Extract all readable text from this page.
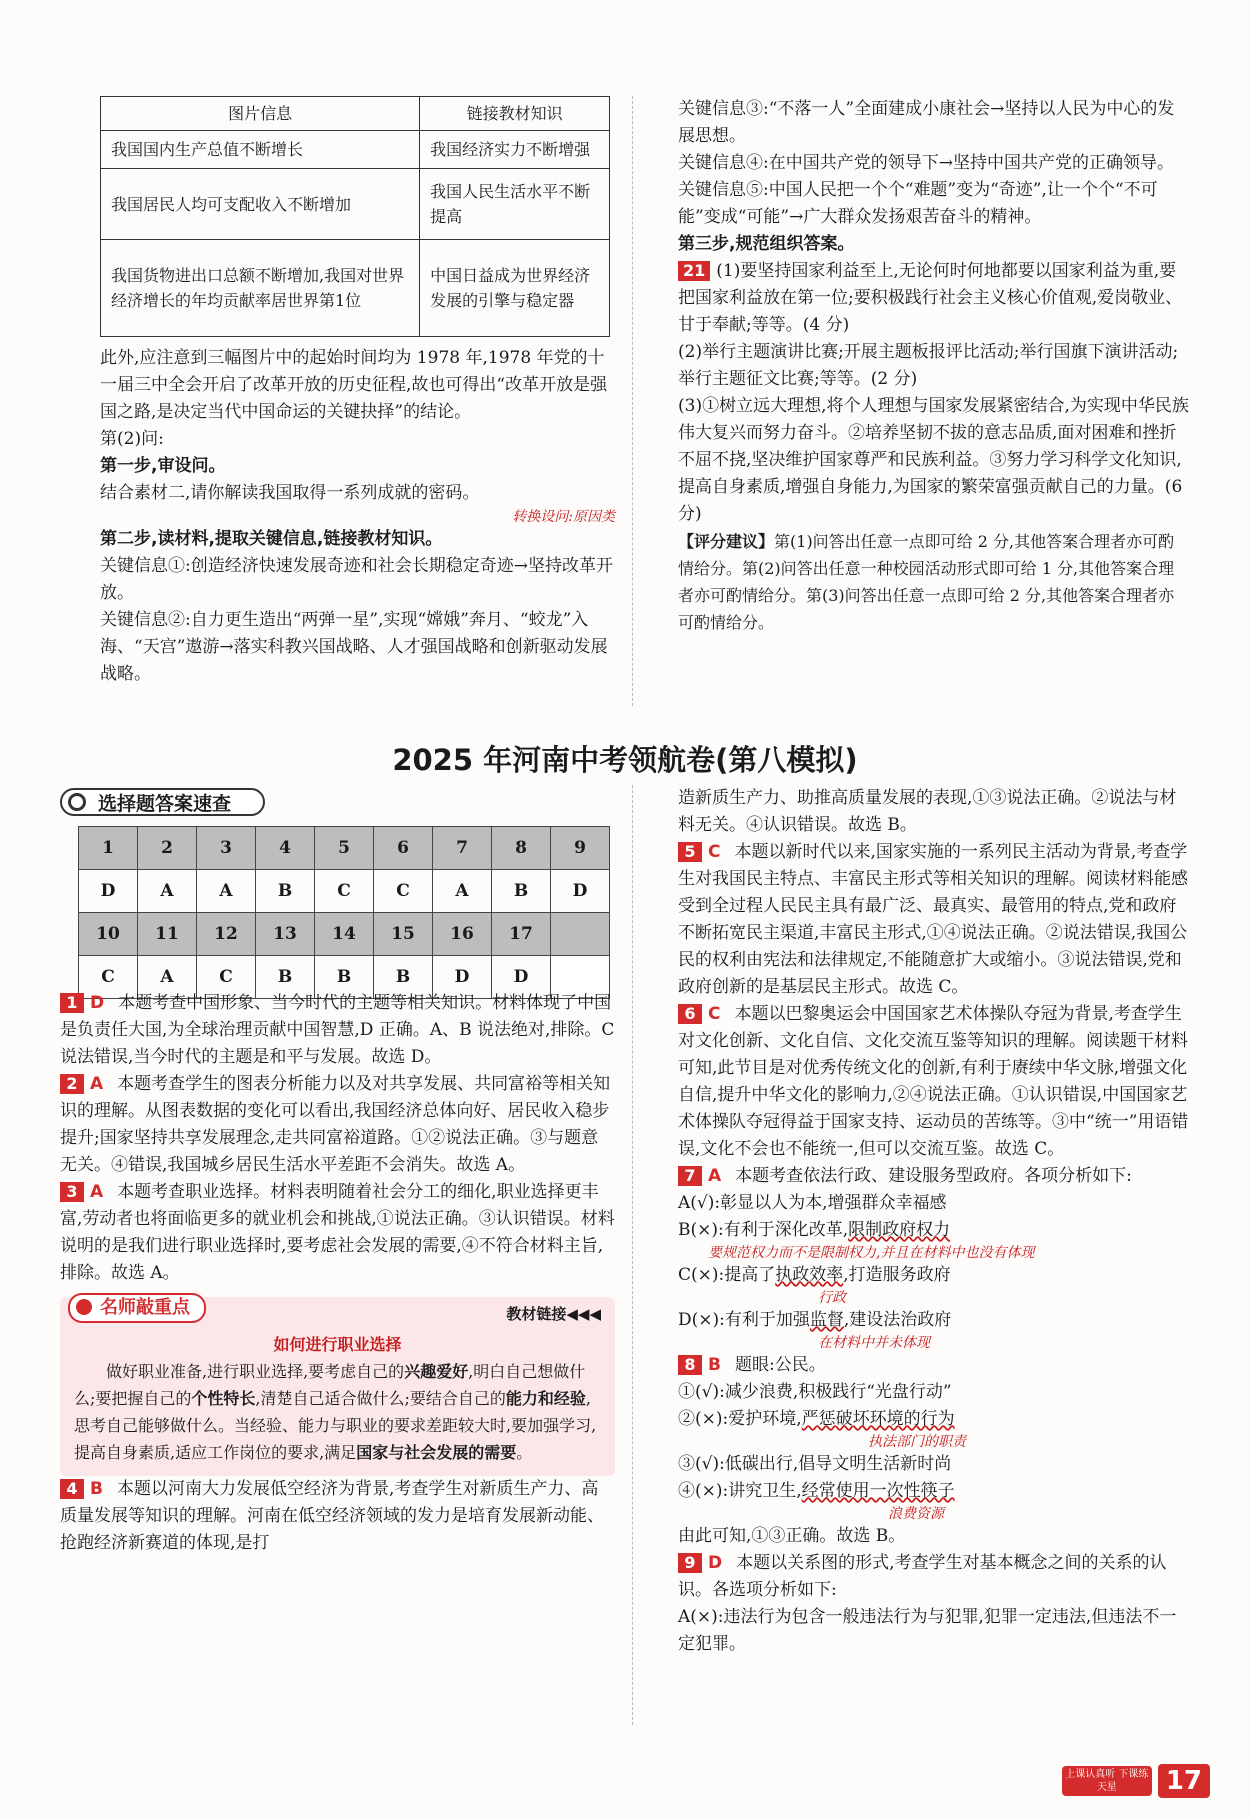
图片信息	链接教材知识
我国国内生产总值不断增长	我国经济实力不断增强
我国居民人均可支配收入不断增加	我国人民生活水平不断提高
我国货物进出口总额不断增加,我国对世界经济增长的年均贡献率居世界第1位	中国日益成为世界经济发展的引擎与稳定器

此外,应注意到三幅图片中的起始时间均为 1978 年,1978 年党的十一届三中全会开启了改革开放的历史征程,故也可得出“改革开放是强国之路,是决定当代中国命运的关键抉择”的结论。

第(2)问:

第一步,审设问。

结合素材二,请你解读我国取得一系列成就的密码。

转换设问:原因类

第二步,读材料,提取关键信息,链接教材知识。

关键信息①:创造经济快速发展奇迹和社会长期稳定奇迹→坚持改革开放。

关键信息②:自力更生造出“两弹一星”,实现“嫦娥”奔月、“蛟龙”入海、“天宫”遨游→落实科教兴国战略、人才强国战略和创新驱动发展战略。

关键信息③:“不落一人”全面建成小康社会→坚持以人民为中心的发展思想。

关键信息④:在中国共产党的领导下→坚持中国共产党的正确领导。

关键信息⑤:中国人民把一个个“难题”变为“奇迹”,让一个个“不可能”变成“可能”→广大群众发扬艰苦奋斗的精神。

第三步,规范组织答案。

21 (1)要坚持国家利益至上,无论何时何地都要以国家利益为重,要把国家利益放在第一位;要积极践行社会主义核心价值观,爱岗敬业、甘于奉献;等等。(4 分)

(2)举行主题演讲比赛;开展主题板报评比活动;举行国旗下演讲活动;举行主题征文比赛;等等。(2 分)

(3)①树立远大理想,将个人理想与国家发展紧密结合,为实现中华民族伟大复兴而努力奋斗。②培养坚韧不拔的意志品质,面对困难和挫折不屈不挠,坚决维护国家尊严和民族利益。③努力学习科学文化知识,提高自身素质,增强自身能力,为国家的繁荣富强贡献自己的力量。(6 分)

【评分建议】第(1)问答出任意一点即可给 2 分,其他答案合理者亦可酌情给分。第(2)问答出任意一种校园活动形式即可给 1 分,其他答案合理者亦可酌情给分。第(3)问答出任意一点即可给 2 分,其他答案合理者亦可酌情给分。

2025 年河南中考领航卷(第八模拟)
选择题答案速查
1	2	3	4	5	6	7	8	9
D	A	A	B	C	C	A	B	D
10	11	12	13	14	15	16	17	
C	A	C	B	B	B	D	D	

1 D 本题考查中国形象、当今时代的主题等相关知识。材料体现了中国是负责任大国,为全球治理贡献中国智慧,D 正确。A、B 说法绝对,排除。C 说法错误,当今时代的主题是和平与发展。故选 D。

2 A 本题考查学生的图表分析能力以及对共享发展、共同富裕等相关知识的理解。从图表数据的变化可以看出,我国经济总体向好、居民收入稳步提升;国家坚持共享发展理念,走共同富裕道路。①②说法正确。③与题意无关。④错误,我国城乡居民生活水平差距不会消失。故选 A。

3 A 本题考查职业选择。材料表明随着社会分工的细化,职业选择更丰富,劳动者也将面临更多的就业机会和挑战,①说法正确。③认识错误。材料说明的是我们进行职业选择时,要考虑社会发展的需要,④不符合材料主旨,排除。故选 A。

名师敲重点	教材链接◀◀◀
如何进行职业选择
做好职业准备,进行职业选择,要考虑自己的兴趣爱好,明白自己想做什么;要把握自己的个性特长,清楚自己适合做什么;要结合自己的能力和经验,思考自己能够做什么。当经验、能力与职业的要求差距较大时,要加强学习,提高自身素质,适应工作岗位的要求,满足国家与社会发展的需要。

4 B 本题以河南大力发展低空经济为背景,考查学生对新质生产力、高质量发展等知识的理解。河南在低空经济领域的发力是培育发展新动能、抢跑经济新赛道的体现,是打

造新质生产力、助推高质量发展的表现,①③说法正确。②说法与材料无关。④认识错误。故选 B。

5 C 本题以新时代以来,国家实施的一系列民主活动为背景,考查学生对我国民主特点、丰富民主形式等相关知识的理解。阅读材料能感受到全过程人民民主具有最广泛、最真实、最管用的特点,党和政府不断拓宽民主渠道,丰富民主形式,①④说法正确。②说法错误,我国公民的权利由宪法和法律规定,不能随意扩大或缩小。③说法错误,党和政府创新的是基层民主形式。故选 C。

6 C 本题以巴黎奥运会中国国家艺术体操队夺冠为背景,考查学生对文化创新、文化自信、文化交流互鉴等知识的理解。阅读题干材料可知,此节目是对优秀传统文化的创新,有利于赓续中华文脉,增强文化自信,提升中华文化的影响力,②④说法正确。①认识错误,中国国家艺术体操队夺冠得益于国家支持、运动员的苦练等。③中“统一”用语错误,文化不会也不能统一,但可以交流互鉴。故选 C。

7 A 本题考查依法行政、建设服务型政府。各项分析如下:

A(√):彰显以人为本,增强群众幸福感

B(×):有利于深化改革,限制政府权力

要规范权力而不是限制权力,并且在材料中也没有体现

C(×):提高了执政效率,打造服务政府

行政

D(×):有利于加强监督,建设法治政府

在材料中并未体现

8 B 题眼:公民。

①(√):减少浪费,积极践行“光盘行动”

②(×):爱护环境,严惩破坏环境的行为

执法部门的职责

③(√):低碳出行,倡导文明生活新时尚

④(×):讲究卫生,经常使用一次性筷子

浪费资源

由此可知,①③正确。故选 B。

9 D 本题以关系图的形式,考查学生对基本概念之间的关系的认识。各选项分析如下:

A(×):违法行为包含一般违法行为与犯罪,犯罪一定违法,但违法不一定犯罪。

上课认真听 下课练天星	17
